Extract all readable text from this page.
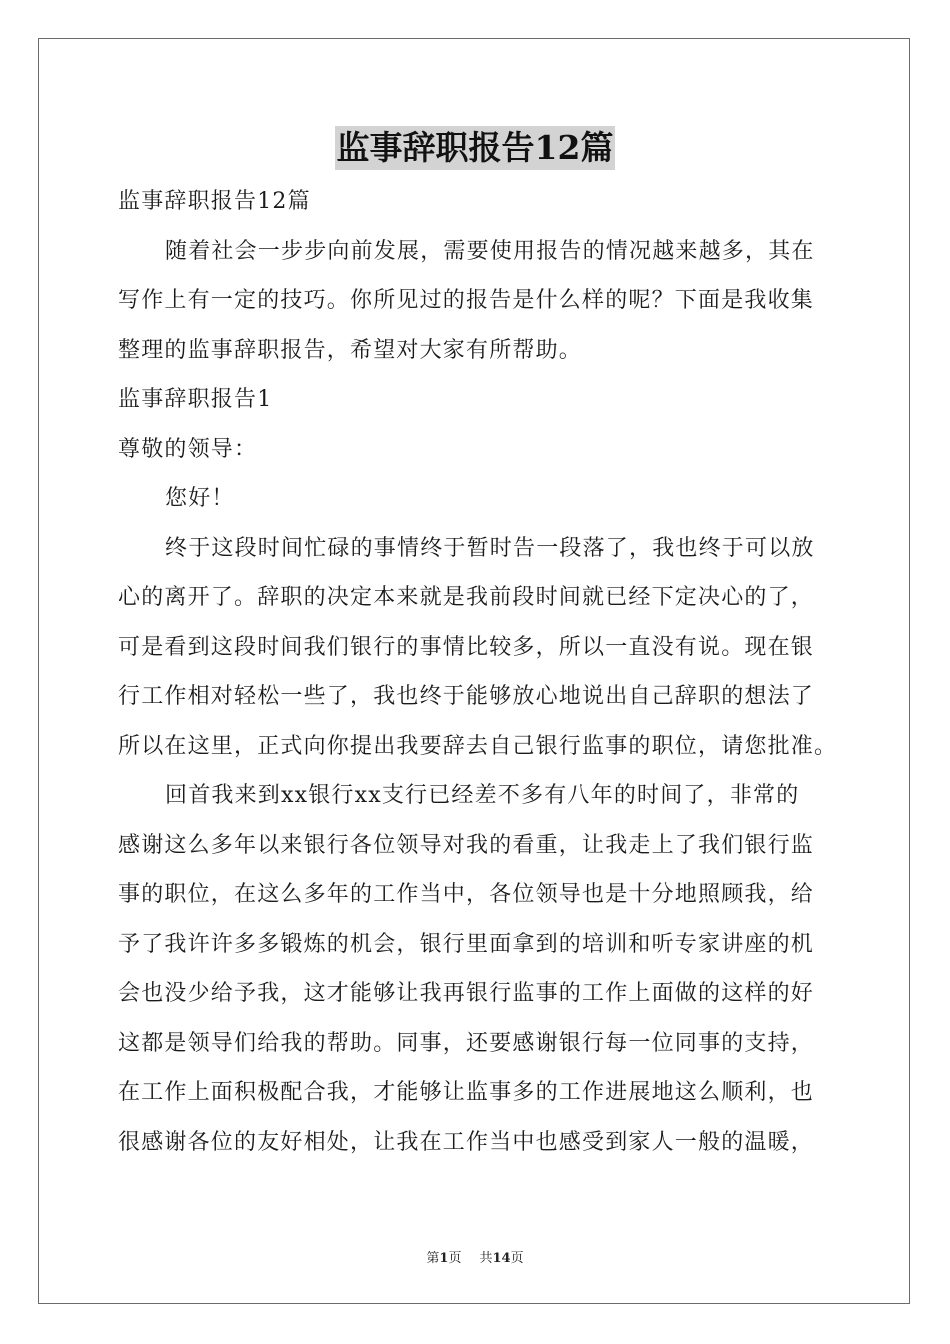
监事辞职报告12篇

监事辞职报告12篇

随着社会一步步向前发展，需要使用报告的情况越来越多，其在
写作上有一定的技巧。你所见过的报告是什么样的呢？下面是我收集
整理的监事辞职报告，希望对大家有所帮助。

监事辞职报告1

尊敬的领导：

您好！

终于这段时间忙碌的事情终于暂时告一段落了，我也终于可以放
心的离开了。辞职的决定本来就是我前段时间就已经下定决心的了，
可是看到这段时间我们银行的事情比较多，所以一直没有说。现在银
行工作相对轻松一些了，我也终于能够放心地说出自己辞职的想法了
所以在这里，正式向你提出我要辞去自己银行监事的职位，请您批准。

回首我来到xx银行xx支行已经差不多有八年的时间了，非常的
感谢这么多年以来银行各位领导对我的看重，让我走上了我们银行监
事的职位，在这么多年的工作当中，各位领导也是十分地照顾我，给
予了我许许多多锻炼的机会，银行里面拿到的培训和听专家讲座的机
会也没少给予我，这才能够让我再银行监事的工作上面做的这样的好
这都是领导们给我的帮助。同事，还要感谢银行每一位同事的支持，
在工作上面积极配合我，才能够让监事多的工作进展地这么顺利，也
很感谢各位的友好相处，让我在工作当中也感受到家人一般的温暖，

第1页 共14页
